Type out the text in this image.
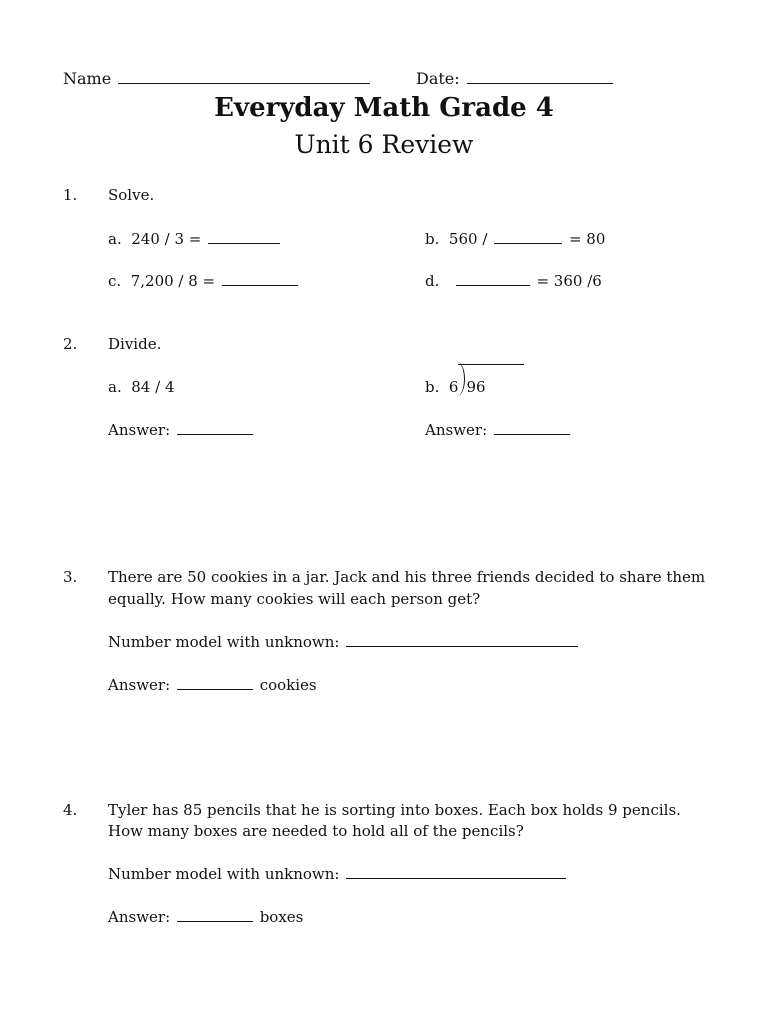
Name	Date:
Everyday Math Grade 4
Unit 6 Review
1. Solve.
a. 240 / 3 =	b. 560 /	= 80
c. 7,200 / 8 =	d.	= 360 /6
2. Divide.
a. 84 / 4	b. 6 96
Answer:	Answer:
3. There are 50 cookies in a jar. Jack and his three friends decided to share them
equally. How many cookies will each person get?
Number model with unknown:
Answer:	cookies
4. Tyler has 85 pencils that he is sorting into boxes. Each box holds 9 pencils.
How many boxes are needed to hold all of the pencils?
Number model with unknown:
Answer:	boxes
